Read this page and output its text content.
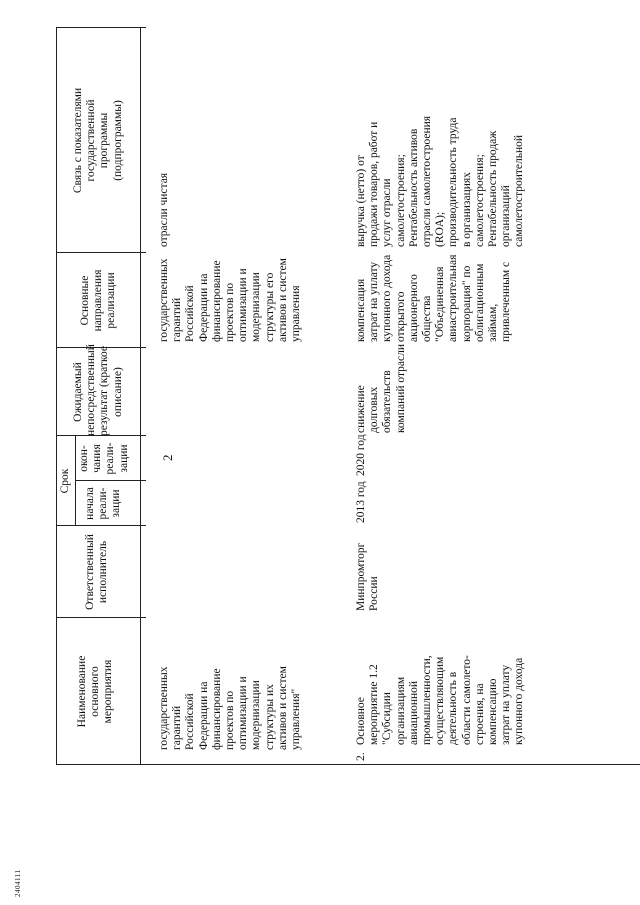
2
2404111
Наименование основного мероприятия
Ответственный исполнитель
Срок
начала реали- зации
окон- чания реали- зации
Ожидаемый непосредственный результат (краткое описание)
Основные направления реализации
Связь с показателями государственной программы (подпрограммы)
государственных гарантий Российской Федерации на финансирование проектов по оптимизации и модернизации структуры их активов и систем управления"
государственных гарантий Российской Федерации на финансирование проектов по оптимизации и модернизации структуры его активов и систем управления
отрасли чистая
2.
Основное мероприятие 1.2 "Субсидии организациям авиационной промышленности, осуществляющим деятельность в области самолето- строения, на компенсацию затрат на уплату купонного дохода
Минпромторг России
2013 год
2020 год
снижение долговых обязательств компаний отрасли
компенсация затрат на уплату купонного дохода открытого акционерного общества "Объединенная авиастроительная корпорация" по облигационным займам, привлеченным с
выручка (нетто) от продажи товаров, работ и услуг отрасли самолетостроения; Рентабельность активов отрасли самолетостроения (ROA); производительность труда в организациях самолетостроения; Рентабельность продаж организаций самолетостроительной
